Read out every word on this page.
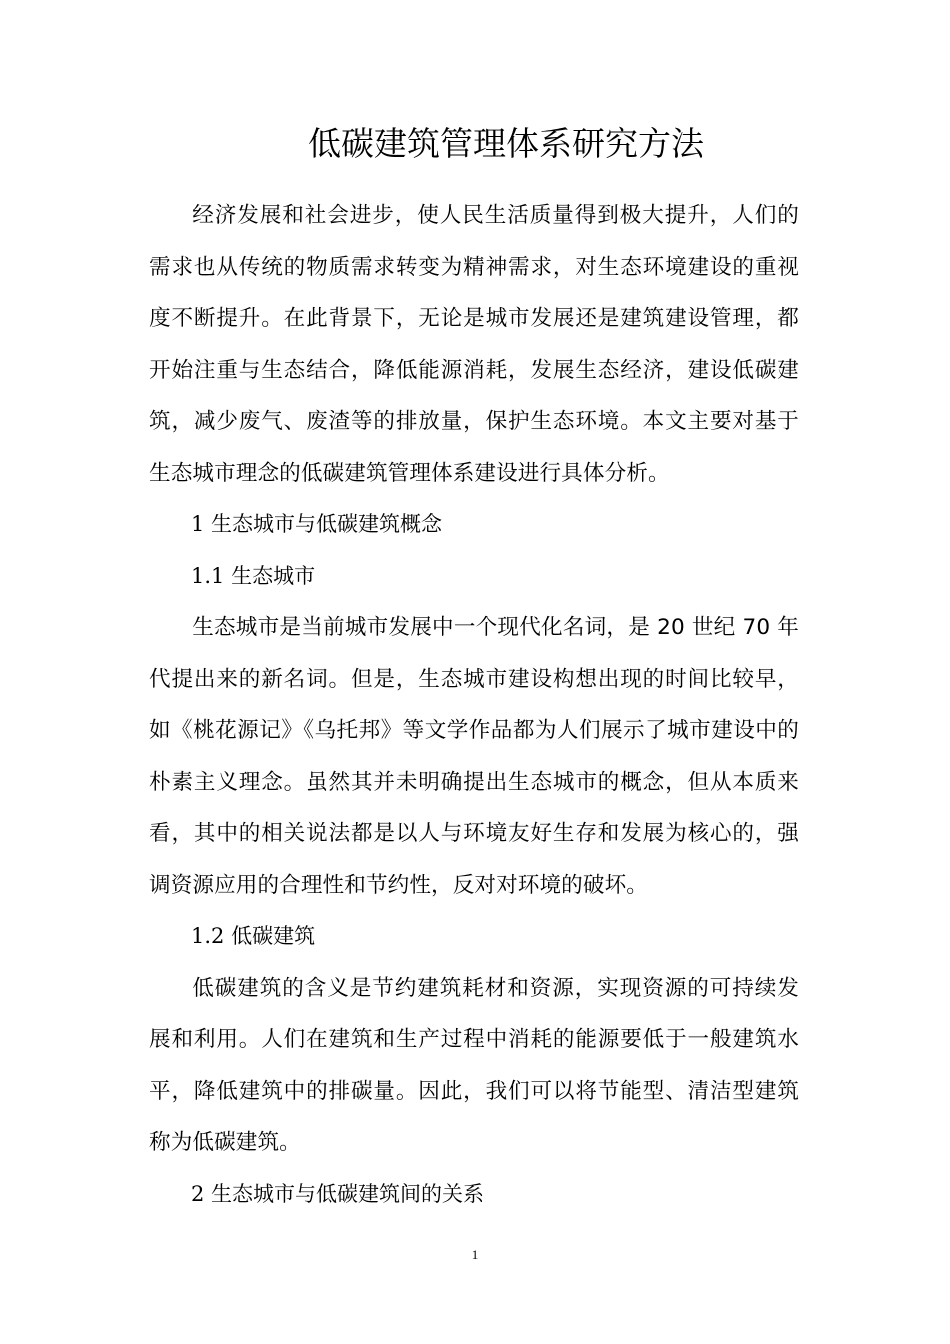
低碳建筑管理体系研究方法

经济发展和社会进步，使人民生活质量得到极大提升，人们的需求也从传统的物质需求转变为精神需求，对生态环境建设的重视度不断提升。在此背景下，无论是城市发展还是建筑建设管理，都开始注重与生态结合，降低能源消耗，发展生态经济，建设低碳建筑，减少废气、废渣等的排放量，保护生态环境。本文主要对基于生态城市理念的低碳建筑管理体系建设进行具体分析。

1 生态城市与低碳建筑概念

1.1 生态城市

生态城市是当前城市发展中一个现代化名词，是 20 世纪 70 年代提出来的新名词。但是，生态城市建设构想出现的时间比较早，如《桃花源记》《乌托邦》等文学作品都为人们展示了城市建设中的朴素主义理念。虽然其并未明确提出生态城市的概念，但从本质来看，其中的相关说法都是以人与环境友好生存和发展为核心的，强调资源应用的合理性和节约性，反对对环境的破坏。

1.2 低碳建筑

低碳建筑的含义是节约建筑耗材和资源，实现资源的可持续发展和利用。人们在建筑和生产过程中消耗的能源要低于一般建筑水平，降低建筑中的排碳量。因此，我们可以将节能型、清洁型建筑称为低碳建筑。

2 生态城市与低碳建筑间的关系

1
